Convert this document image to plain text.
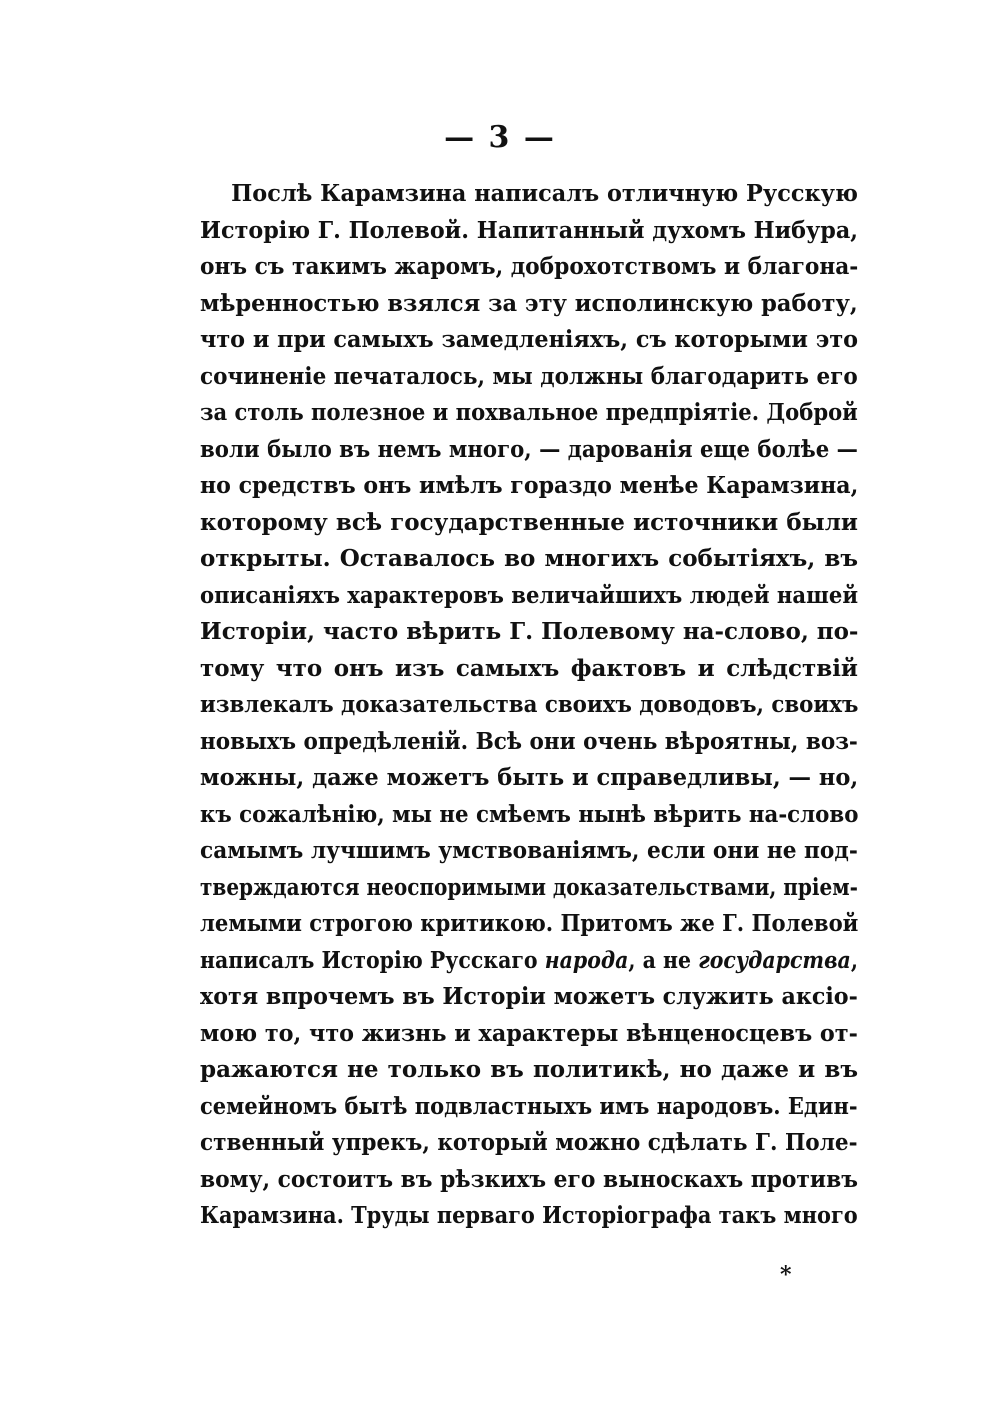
— 3 —
Послѣ Карамзина написалъ отличную Русскую
Исторію Г. Полевой. Напитанный духомъ Нибура,
онъ съ такимъ жаромъ, доброхотствомъ и благона-
мѣренностью взялся за эту исполинскую работу,
что и при самыхъ замедленіяхъ, съ которыми это
сочиненіе печаталось, мы должны благодарить его
за столь полезное и похвальное предпріятіе. Доброй
воли было въ немъ много, — дарованія еще болѣе —
но средствъ онъ имѣлъ гораздо менѣе Карамзина,
которому всѣ государственные источники были
открыты. Оставалось во многихъ событіяхъ, въ
описаніяхъ характеровъ величайшихъ людей нашей
Исторіи, часто вѣрить Г. Полевому на-слово, по-
тому что онъ изъ самыхъ фактовъ и слѣдствій
извлекалъ доказательства своихъ доводовъ, своихъ
новыхъ опредѣленій. Всѣ они очень вѣроятны, воз-
можны, даже можетъ быть и справедливы, — но,
къ сожалѣнію, мы не смѣемъ нынѣ вѣрить на-слово
самымъ лучшимъ умствованіямъ, если они не под-
тверждаются неоспоримыми доказательствами, пріем-
лемыми строгою критикою. Притомъ же Г. Полевой
написалъ Исторію Русскаго народа, а не государства,
хотя впрочемъ въ Исторіи можетъ служить аксіо-
мою то, что жизнь и характеры вѣнценосцевъ от-
ражаются не только въ политикѣ, но даже и въ
семейномъ бытѣ подвластныхъ имъ народовъ. Един-
ственный упрекъ, который можно сдѣлать Г. Поле-
вому, состоитъ въ рѣзкихъ его выноскахъ противъ
Карамзина. Труды перваго Исторіографа такъ много
*
